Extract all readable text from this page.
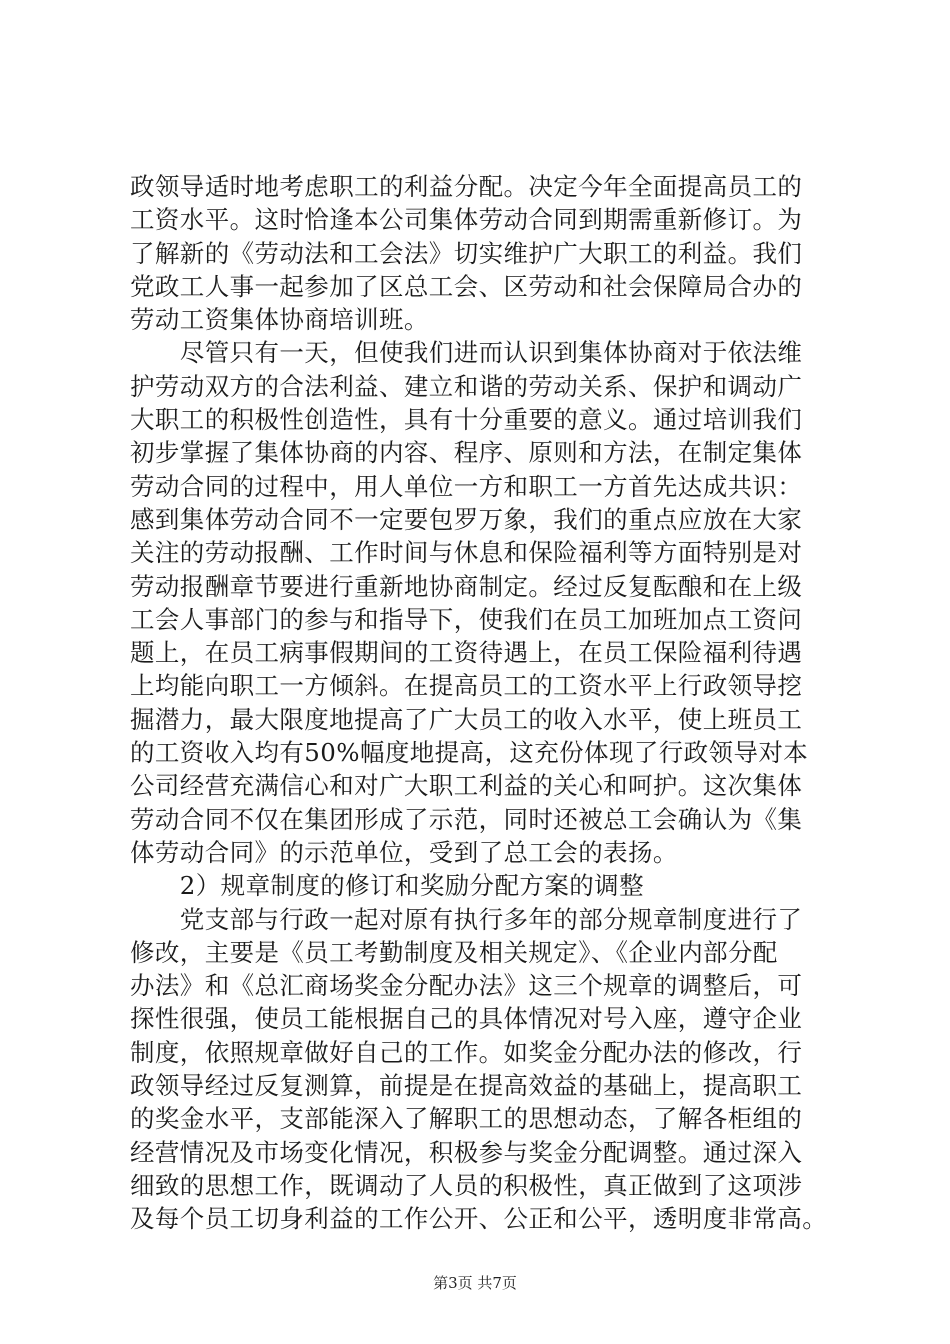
政领导适时地考虑职工的利益分配。决定今年全面提高员工的
工资水平。这时恰逢本公司集体劳动合同到期需重新修订。为
了解新的《劳动法和工会法》切实维护广大职工的利益。我们
党政工人事一起参加了区总工会、区劳动和社会保障局合办的
劳动工资集体协商培训班。
　　尽管只有一天，但使我们进而认识到集体协商对于依法维
护劳动双方的合法利益、建立和谐的劳动关系、保护和调动广
大职工的积极性创造性，具有十分重要的意义。通过培训我们
初步掌握了集体协商的内容、程序、原则和方法，在制定集体
劳动合同的过程中，用人单位一方和职工一方首先达成共识：
感到集体劳动合同不一定要包罗万象，我们的重点应放在大家
关注的劳动报酬、工作时间与休息和保险福利等方面特别是对
劳动报酬章节要进行重新地协商制定。经过反复酝酿和在上级
工会人事部门的参与和指导下，使我们在员工加班加点工资问
题上，在员工病事假期间的工资待遇上，在员工保险福利待遇
上均能向职工一方倾斜。在提高员工的工资水平上行政领导挖
掘潜力，最大限度地提高了广大员工的收入水平，使上班员工
的工资收入均有50%幅度地提高，这充份体现了行政领导对本
公司经营充满信心和对广大职工利益的关心和呵护。这次集体
劳动合同不仅在集团形成了示范，同时还被总工会确认为《集
体劳动合同》的示范单位，受到了总工会的表扬。
　　2）规章制度的修订和奖励分配方案的调整
　　党支部与行政一起对原有执行多年的部分规章制度进行了
修改，主要是《员工考勤制度及相关规定》、《企业内部分配
办法》和《总汇商场奖金分配办法》这三个规章的调整后，可
探性很强，使员工能根据自己的具体情况对号入座，遵守企业
制度，依照规章做好自己的工作。如奖金分配办法的修改，行
政领导经过反复测算，前提是在提高效益的基础上，提高职工
的奖金水平，支部能深入了解职工的思想动态，了解各柜组的
经营情况及市场变化情况，积极参与奖金分配调整。通过深入
细致的思想工作，既调动了人员的积极性，真正做到了这项涉
及每个员工切身利益的工作公开、公正和公平，透明度非常高。
第3页 共7页
